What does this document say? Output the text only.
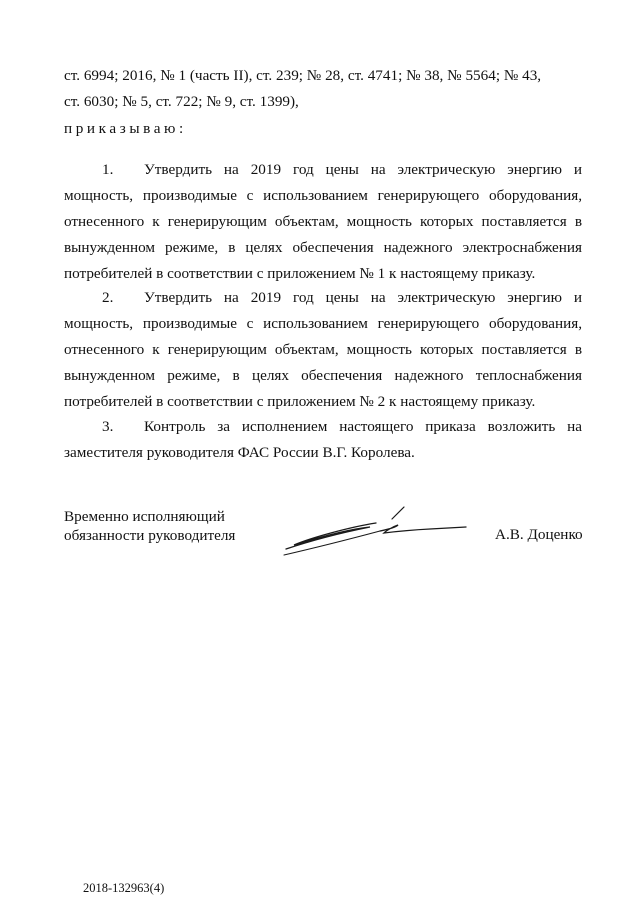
ст. 6994; 2016, № 1 (часть II), ст. 239; № 28, ст. 4741; № 38, № 5564; № 43,

ст. 6030; № 5, ст. 722; № 9, ст. 1399),

приказываю:

1. Утвердить на 2019 год цены на электрическую энергию и мощность, производимые с использованием генерирующего оборудования, отнесенного к генерирующим объектам, мощность которых поставляется в вынужденном режиме, в целях обеспечения надежного электроснабжения потребителей в соответствии с приложением № 1 к настоящему приказу.

2. Утвердить на 2019 год цены на электрическую энергию и мощность, производимые с использованием генерирующего оборудования, отнесенного к генерирующим объектам, мощность которых поставляется в вынужденном режиме, в целях обеспечения надежного теплоснабжения потребителей в соответствии с приложением № 2 к настоящему приказу.

3. Контроль за исполнением настоящего приказа возложить на заместителя руководителя ФАС России В.Г. Королева.

Временно исполняющий
обязанности руководителя	А.В. Доценко
2018-132963(4)
